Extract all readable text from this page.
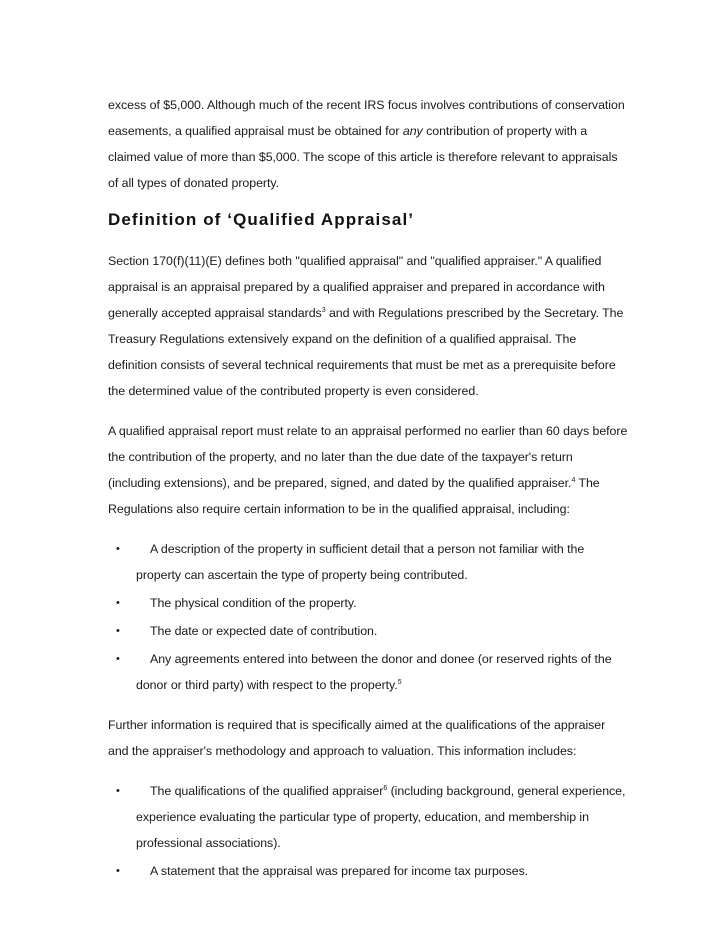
excess of $5,000. Although much of the recent IRS focus involves contributions of conservation easements, a qualified appraisal must be obtained for any contribution of property with a claimed value of more than $5,000. The scope of this article is therefore relevant to appraisals of all types of donated property.

Definition of ‘Qualified Appraisal’

Section 170(f)(11)(E) defines both "qualified appraisal" and "qualified appraiser." A qualified appraisal is an appraisal prepared by a qualified appraiser and prepared in accordance with generally accepted appraisal standards$^3$ and with Regulations prescribed by the Secretary. The Treasury Regulations extensively expand on the definition of a qualified appraisal. The definition consists of several technical requirements that must be met as a prerequisite before the determined value of the contributed property is even considered.

A qualified appraisal report must relate to an appraisal performed no earlier than 60 days before the contribution of the property, and no later than the due date of the taxpayer's return (including extensions), and be prepared, signed, and dated by the qualified appraiser.$^4$ The Regulations also require certain information to be in the qualified appraisal, including:

• A description of the property in sufficient detail that a person not familiar with the property can ascertain the type of property being contributed.
• The physical condition of the property.
• The date or expected date of contribution.
• Any agreements entered into between the donor and donee (or reserved rights of the donor or third party) with respect to the property.$^5$

Further information is required that is specifically aimed at the qualifications of the appraiser and the appraiser's methodology and approach to valuation. This information includes:

• The qualifications of the qualified appraiser$^6$ (including background, general experience, experience evaluating the particular type of property, education, and membership in professional associations).
• A statement that the appraisal was prepared for income tax purposes.
